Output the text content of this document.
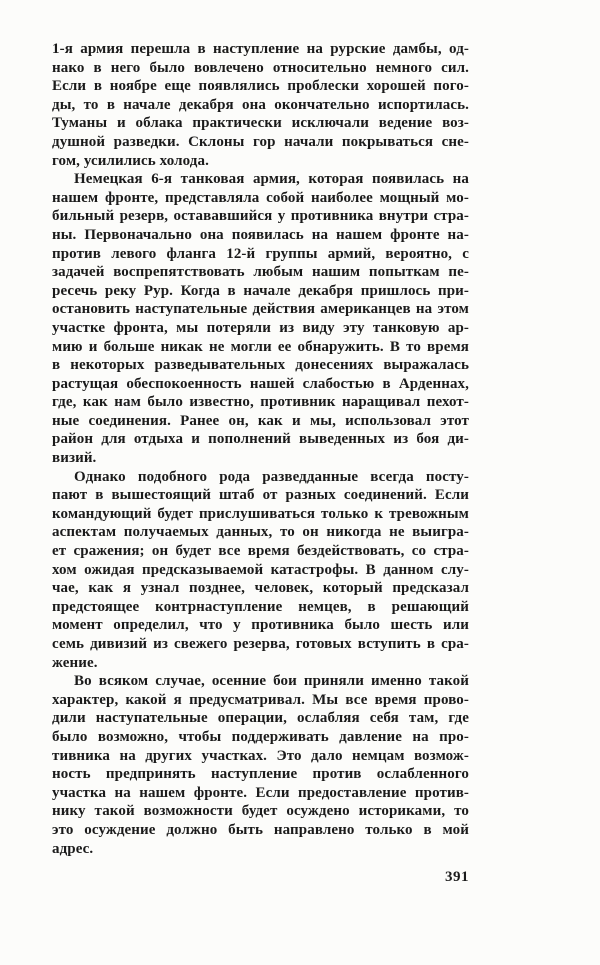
1-я армия перешла в наступление на рурские дамбы, од-
нако в него было вовлечено относительно немного сил.
Если в ноябре еще появлялись проблески хорошей пого-
ды, то в начале декабря она окончательно испортилась.
Туманы и облака практически исключали ведение воз-
душной разведки. Склоны гор начали покрываться сне-
гом, усилились холода.
Немецкая 6-я танковая армия, которая появилась на
нашем фронте, представляла собой наиболее мощный мо-
бильный резерв, остававшийся у противника внутри стра-
ны. Первоначально она появилась на нашем фронте на-
против левого фланга 12-й группы армий, вероятно, с
задачей воспрепятствовать любым нашим попыткам пе-
ресечь реку Рур. Когда в начале декабря пришлось при-
остановить наступательные действия американцев на этом
участке фронта, мы потеряли из виду эту танковую ар-
мию и больше никак не могли ее обнаружить. В то время
в некоторых разведывательных донесениях выражалась
растущая обеспокоенность нашей слабостью в Арденнах,
где, как нам было известно, противник наращивал пехот-
ные соединения. Ранее он, как и мы, использовал этот
район для отдыха и пополнений выведенных из боя ди-
визий.
Однако подобного рода разведданные всегда посту-
пают в вышестоящий штаб от разных соединений. Если
командующий будет прислушиваться только к тревожным
аспектам получаемых данных, то он никогда не выигра-
ет сражения; он будет все время бездействовать, со стра-
хом ожидая предсказываемой катастрофы. В данном слу-
чае, как я узнал позднее, человек, который предсказал
предстоящее контрнаступление немцев, в решающий
момент определил, что у противника было шесть или
семь дивизий из свежего резерва, готовых вступить в сра-
жение.
Во всяком случае, осенние бои приняли именно такой
характер, какой я предусматривал. Мы все время прово-
дили наступательные операции, ослабляя себя там, где
было возможно, чтобы поддерживать давление на про-
тивника на других участках. Это дало немцам возмож-
ность предпринять наступление против ослабленного
участка на нашем фронте. Если предоставление против-
нику такой возможности будет осуждено историками, то
это осуждение должно быть направлено только в мой
адрес.
391
